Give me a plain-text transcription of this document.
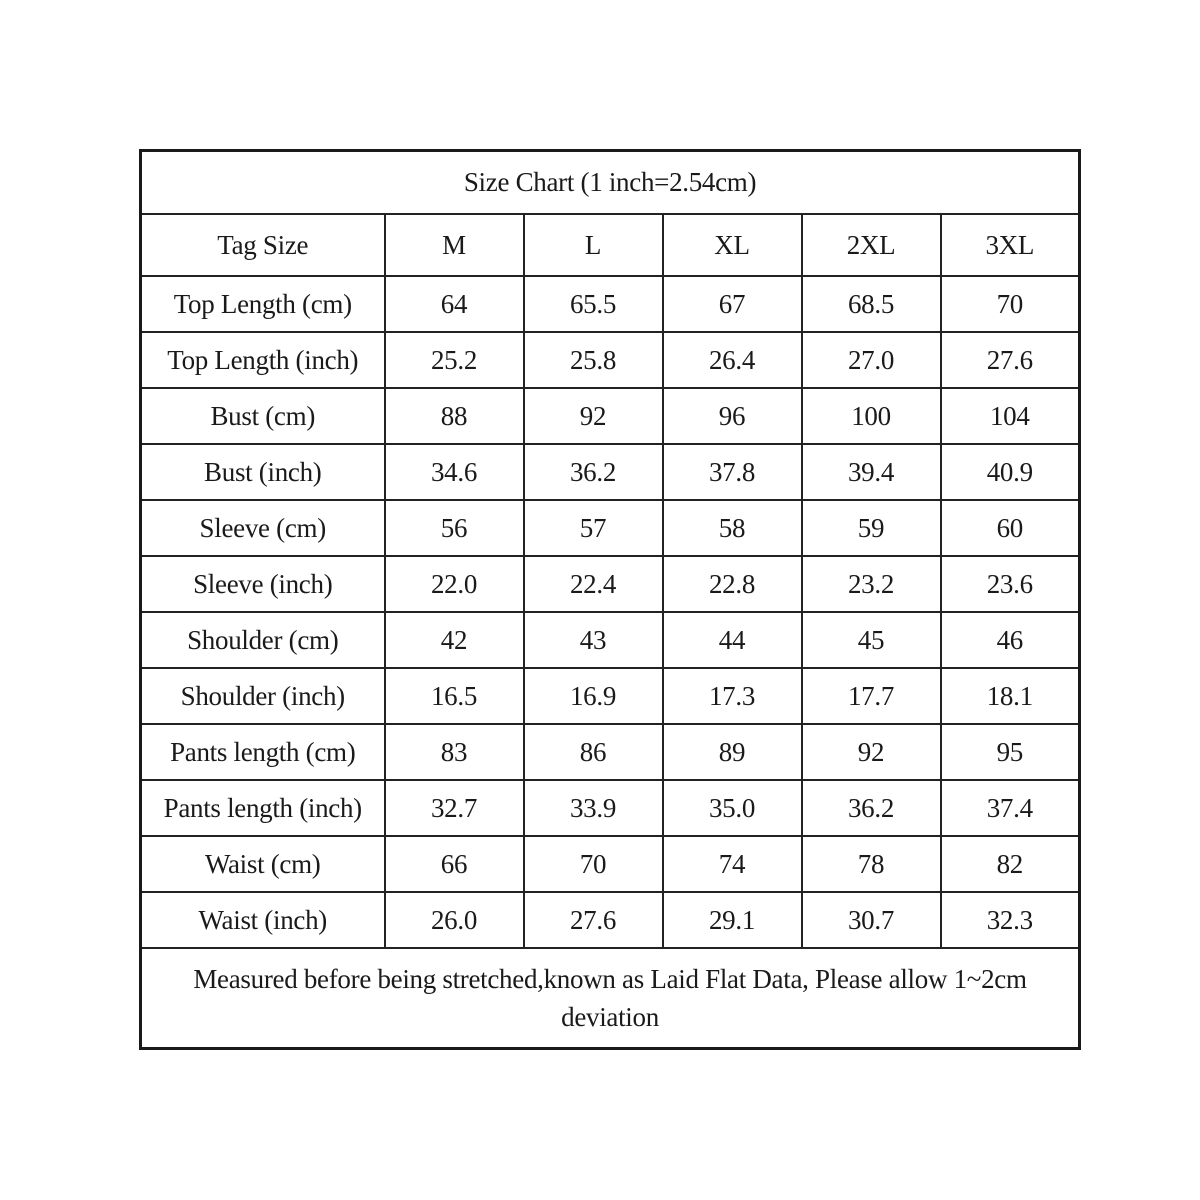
Size Chart (1 inch=2.54cm)					
Tag Size	M	L	XL	2XL	3XL
Top Length (cm)	64	65.5	67	68.5	70
Top Length (inch)	25.2	25.8	26.4	27.0	27.6
Bust (cm)	88	92	96	100	104
Bust (inch)	34.6	36.2	37.8	39.4	40.9
Sleeve (cm)	56	57	58	59	60
Sleeve (inch)	22.0	22.4	22.8	23.2	23.6
Shoulder (cm)	42	43	44	45	46
Shoulder (inch)	16.5	16.9	17.3	17.7	18.1
Pants length (cm)	83	86	89	92	95
Pants length (inch)	32.7	33.9	35.0	36.2	37.4
Waist (cm)	66	70	74	78	82
Waist (inch)	26.0	27.6	29.1	30.7	32.3
Measured before being stretched,known as Laid Flat Data, Please allow 1~2cm deviation					
